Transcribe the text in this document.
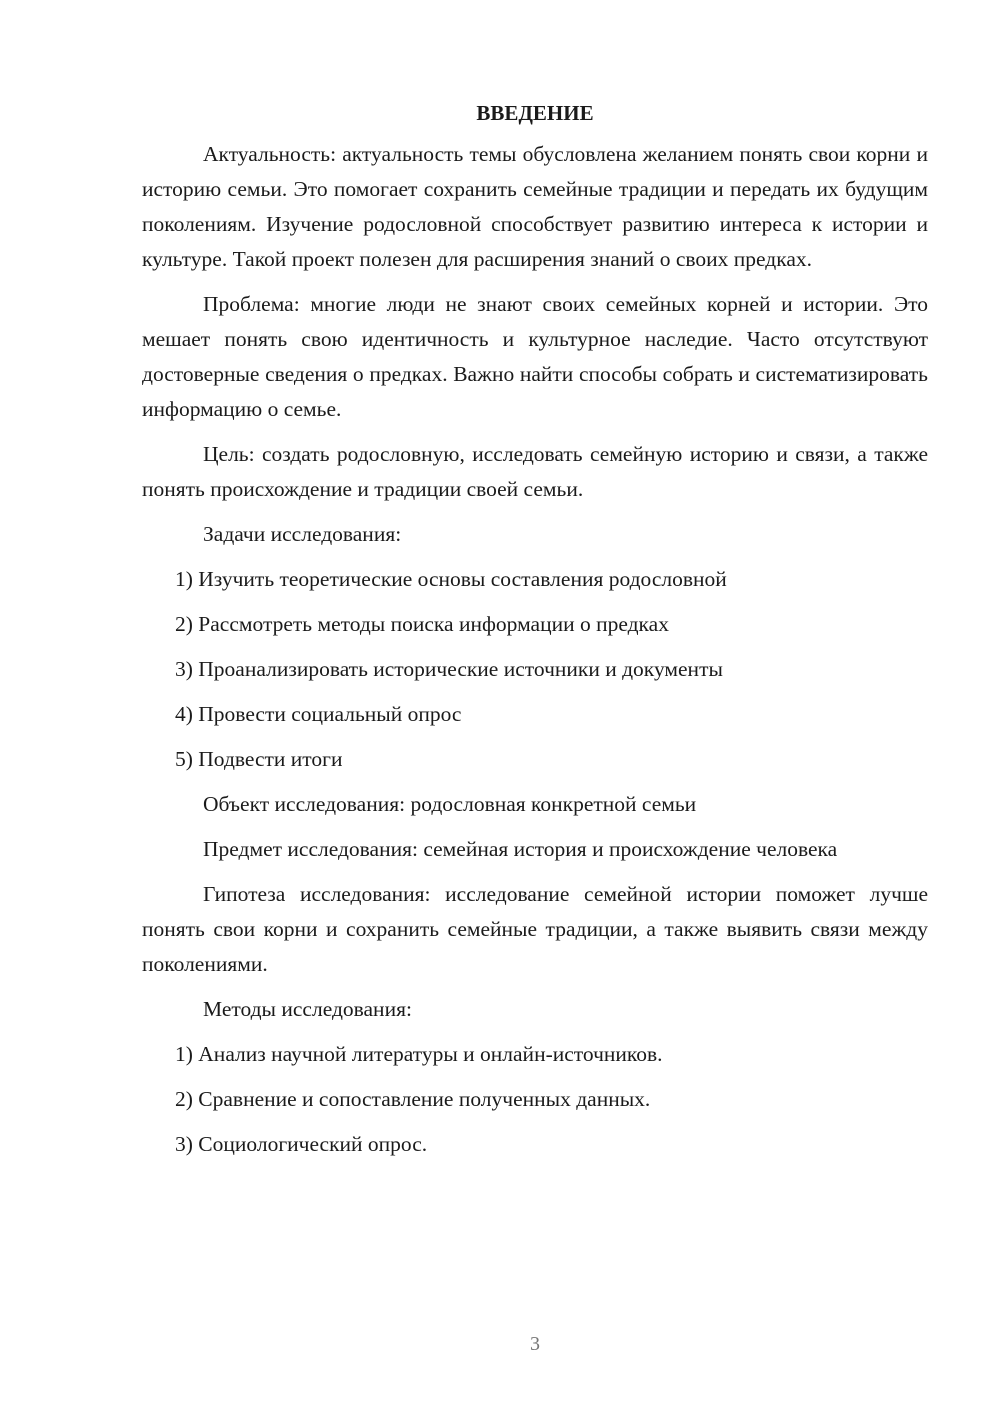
ВВЕДЕНИЕ

Актуальность: актуальность темы обусловлена желанием понять свои корни и историю семьи. Это помогает сохранить семейные традиции и передать их будущим поколениям. Изучение родословной способствует развитию интереса к истории и культуре. Такой проект полезен для расширения знаний о своих предках.

Проблема: многие люди не знают своих семейных корней и истории. Это мешает понять свою идентичность и культурное наследие. Часто отсутствуют достоверные сведения о предках. Важно найти способы собрать и систематизировать информацию о семье.

Цель: создать родословную, исследовать семейную историю и связи, а также понять происхождение и традиции своей семьи.

Задачи исследования:

1) Изучить теоретические основы составления родословной

2) Рассмотреть методы поиска информации о предках

3) Проанализировать исторические источники и документы

4) Провести социальный опрос

5) Подвести итоги

Объект исследования: родословная конкретной семьи

Предмет исследования: семейная история и происхождение человека

Гипотеза исследования: исследование семейной истории поможет лучше понять свои корни и сохранить семейные традиции, а также выявить связи между поколениями.

Методы исследования:

1) Анализ научной литературы и онлайн-источников.

2) Сравнение и сопоставление полученных данных.

3) Социологический опрос.

3
